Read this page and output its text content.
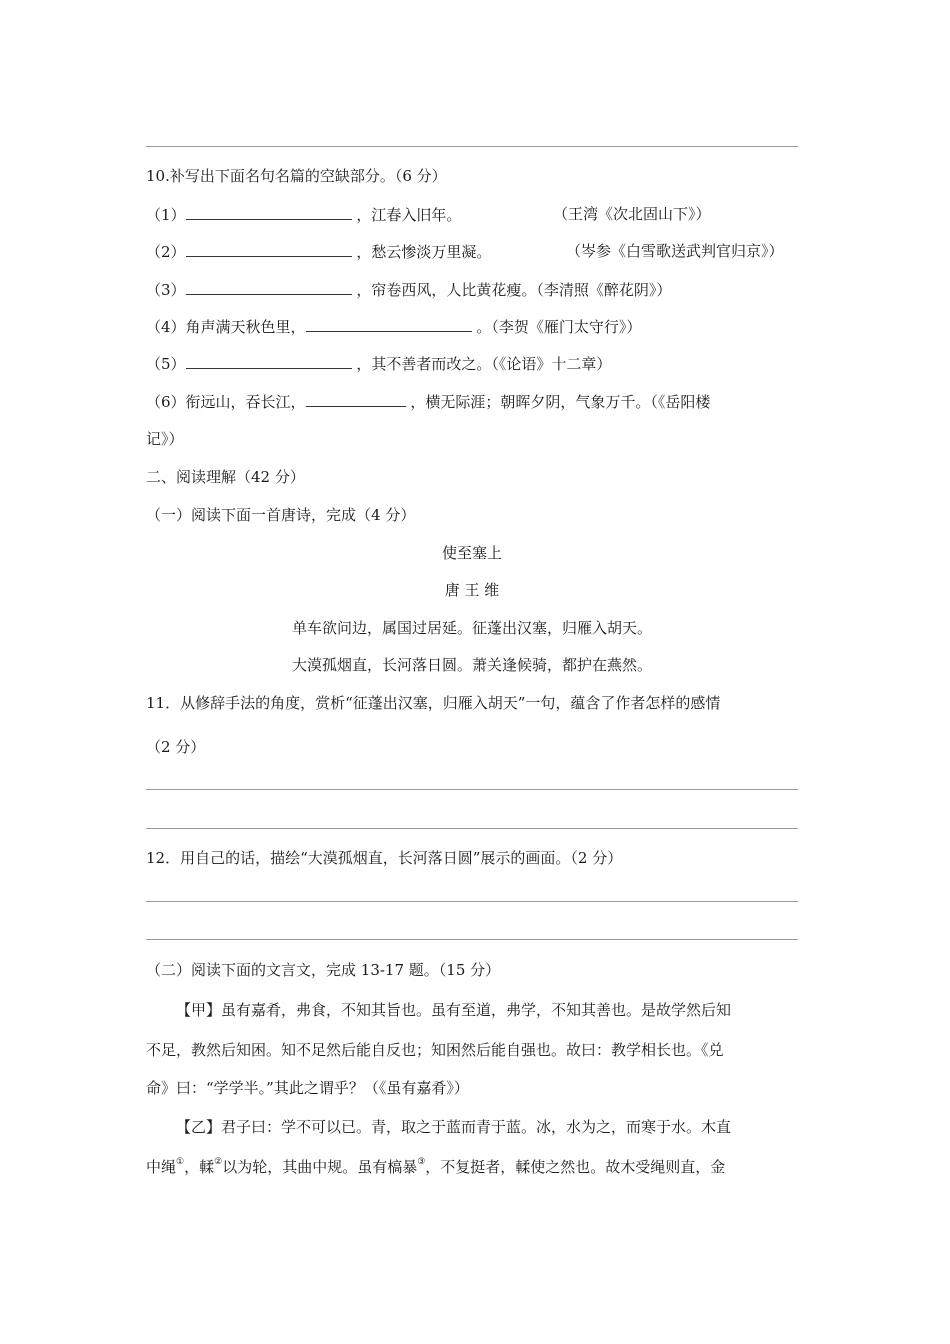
10.补写出下面名句名篇的空缺部分。（6 分）
（1）	，江春入旧年。	（王湾《次北固山下》）
（2）	，愁云惨淡万里凝。	（岑参《白雪歌送武判官归京》）
（3）	，帘卷西风，人比黄花瘦。（李清照《醉花阴》）
（4）角声满天秋色里，	。（李贺《雁门太守行》）
（5）	，其不善者而改之。（《论语》十二章）
（6）衔远山，吞长江，	，横无际涯；朝晖夕阴，气象万千。（《岳阳楼
记》）
二、阅读理解（42 分）
（一）阅读下面一首唐诗，完成（4 分）
使至塞上
唐 王 维
单车欲问边，属国过居延。征蓬出汉塞，归雁入胡天。
大漠孤烟直，长河落日圆。萧关逢候骑，都护在燕然。
11．从修辞手法的角度，赏析“征蓬出汉塞，归雁入胡天”一句，蕴含了作者怎样的感情
（2 分）
12．用自己的话，描绘“大漠孤烟直，长河落日圆”展示的画面。（2 分）
（二）阅读下面的文言文，完成 13-17 题。（15 分）
【甲】虽有嘉肴，弗食，不知其旨也。虽有至道，弗学，不知其善也。是故学然后知
不足，教然后知困。知不足然后能自反也；知困然后能自强也。故曰：教学相长也。《兑
命》曰：“学学半。”其此之谓乎？（《虽有嘉肴》）
【乙】君子曰：学不可以已。青，取之于蓝而青于蓝。冰，水为之，而寒于水。木直
中绳①，輮②以为轮，其曲中规。虽有槁暴③，不复挺者，輮使之然也。故木受绳则直，金
